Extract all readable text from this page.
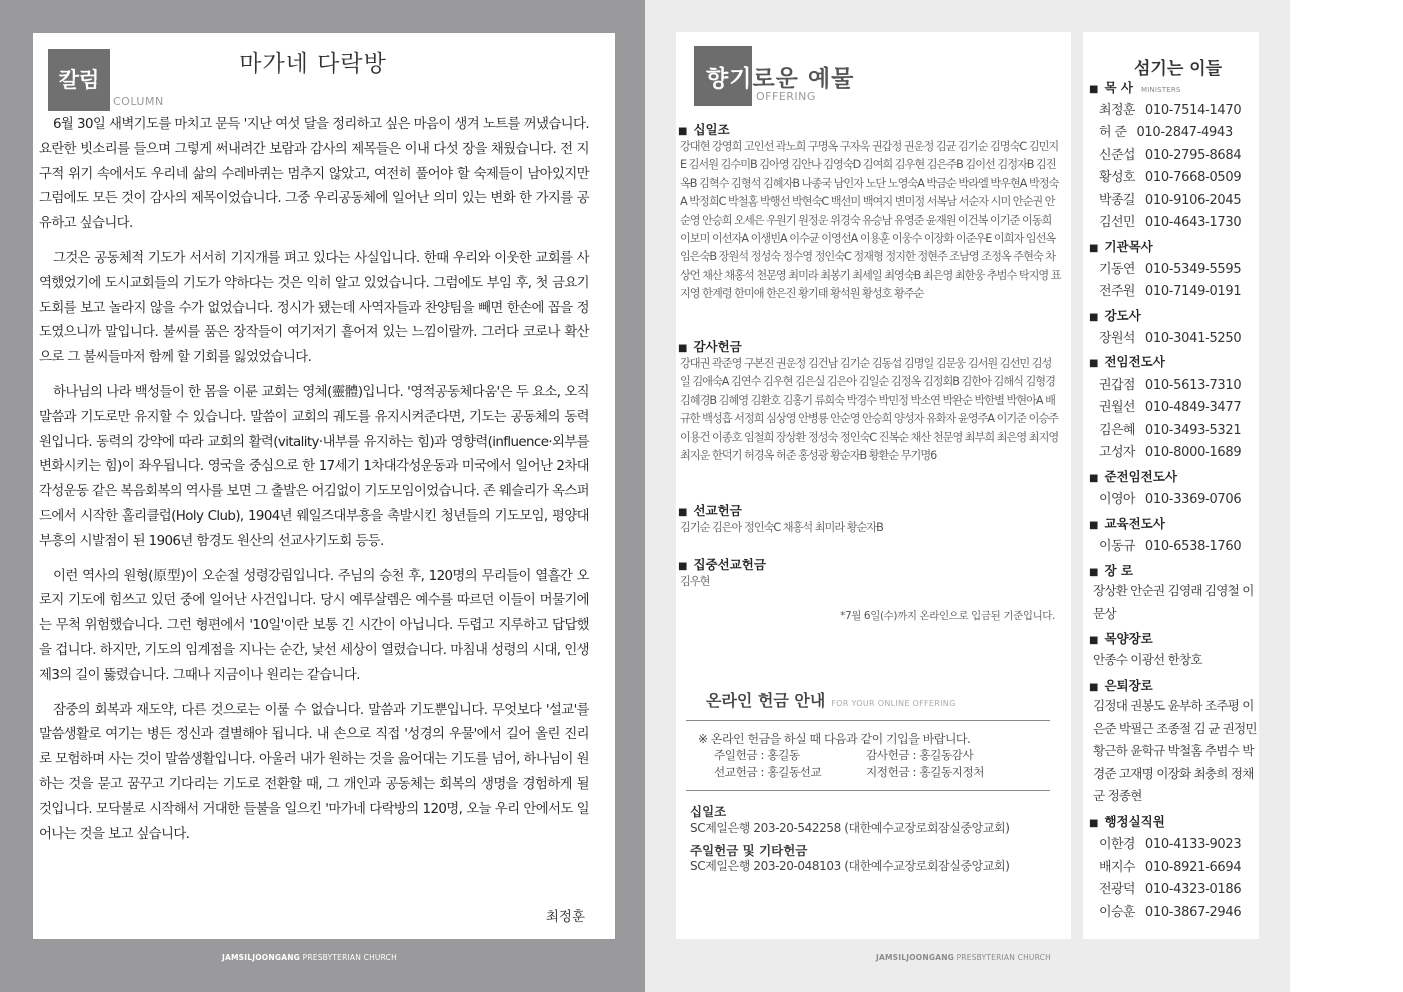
칼럼
COLUMN
마가네 다락방

6월 30일 새벽기도를 마치고 문득 '지난 여섯 달을 정리하고 싶은 마음이 생겨 노트를 꺼냈습니다. 요란한 빗소리를 들으며 그렇게 써내려간 보람과 감사의 제목들은 이내 다섯 장을 채웠습니다. 전 지구적 위기 속에서도 우리네 삶의 수레바퀴는 멈추지 않았고, 여전히 풀어야 할 숙제들이 남아있지만 그럼에도 모든 것이 감사의 제목이었습니다. 그중 우리공동체에 일어난 의미 있는 변화 한 가지를 공유하고 싶습니다.

그것은 공동체적 기도가 서서히 기지개를 펴고 있다는 사실입니다. 한때 우리와 이웃한 교회를 사역했었기에 도시교회들의 기도가 약하다는 것은 익히 알고 있었습니다. 그럼에도 부임 후, 첫 금요기도회를 보고 놀라지 않을 수가 없었습니다. 정시가 됐는데 사역자들과 찬양팀을 빼면 한손에 꼽을 정도였으니까 말입니다. 불씨를 품은 장작들이 여기저기 흩어져 있는 느낌이랄까. 그러다 코로나 확산으로 그 불씨들마저 함께 할 기회를 잃었었습니다.

하나님의 나라 백성들이 한 몸을 이룬 교회는 영체(靈體)입니다. '영적공동체다움'은 두 요소, 오직 말씀과 기도로만 유지할 수 있습니다. 말씀이 교회의 궤도를 유지시켜준다면, 기도는 공동체의 동력원입니다. 동력의 강약에 따라 교회의 활력(vitality·내부를 유지하는 힘)과 영향력(influence·외부를 변화시키는 힘)이 좌우됩니다. 영국을 중심으로 한 17세기 1차대각성운동과 미국에서 일어난 2차대각성운동 같은 복음회복의 역사를 보면 그 출발은 어김없이 기도모임이었습니다. 존 웨슬리가 옥스퍼드에서 시작한 홀리클럽(Holy Club), 1904년 웨일즈대부흥을 촉발시킨 청년들의 기도모임, 평양대부흥의 시발점이 된 1906년 함경도 원산의 선교사기도회 등등.

이런 역사의 원형(原型)이 오순절 성령강림입니다. 주님의 승천 후, 120명의 무리들이 열흘간 오로지 기도에 힘쓰고 있던 중에 일어난 사건입니다. 당시 예루살렘은 예수를 따르던 이들이 머물기에는 무척 위험했습니다. 그런 형편에서 '10일'이란 보통 긴 시간이 아닙니다. 두렵고 지루하고 답답했을 겁니다. 하지만, 기도의 임계점을 지나는 순간, 낯선 세상이 열렸습니다. 마침내 성령의 시대, 인생 제3의 길이 뚫렸습니다. 그때나 지금이나 원리는 같습니다.

잠중의 회복과 재도약, 다른 것으로는 이룰 수 없습니다. 말씀과 기도뿐입니다. 무엇보다 '설교'를 말씀생활로 여기는 병든 정신과 결별해야 됩니다. 내 손으로 직접 '성경의 우물'에서 길어 올린 진리로 모험하며 사는 것이 말씀생활입니다. 아울러 내가 원하는 것을 읊어대는 기도를 넘어, 하나님이 원하는 것을 묻고 꿈꾸고 기다리는 기도로 전환할 때, 그 개인과 공동체는 회복의 생명을 경험하게 될 것입니다. 모닥불로 시작해서 거대한 들불을 일으킨 '마가네 다락방의 120명, 오늘 우리 안에서도 일어나는 것을 보고 싶습니다.

최정훈
JAMSILJOONGANG PRESBYTERIAN CHURCH
향기로운 예물
OFFERING
■ 십일조
강대현 강영희 고인선 곽노희 구명옥 구자욱 권갑정 권운정 김균 김기순 김명숙C 김민지E 김서원 김수미B 김아영 김안나 김영숙D 김여희 김우현 김은주B 김이선 김정자B 김진옥B 김혁수 김형석 김혜자B 나종국 남인자 노단 노영숙A 박금순 박라엘 박우현A 박정숙A 박정희C 박철홈 박행선 박현숙C 백선미 백여지 변미정 서복남 서순자 시미 안순권 안순영 안승희 오세은 우원기 원정운 위경숙 유승남 유영준 윤재원 이건복 이기준 이동희 이보미 이선자A 이생빈A 이수균 이영선A 이용훈 이웅수 이장화 이준우E 이희자 임선옥 임은숙B 장원석 정성숙 정수영 정인숙C 정재형 정지한 정현주 조남영 조정옥 주현숙 차상언 채산 채홍석 천문영 최미라 최봉기 최세일 최영숙B 최은영 최한웅 추범수 탁지영 표지영 한계령 한미애 한은진 황기태 황석원 황성호 황주순
■ 감사헌금
강대권 곽준영 구본진 권운정 김건남 김기순 김동섭 김명일 김문웅 김서원 김선민 김성일 김애숙A 김연수 김우현 김은실 김은아 김일순 김정옥 김정회B 김한아 김해식 김형경 김혜경B 김혜영 김환호 김홍기 류희숙 박경수 박민정 박소연 박완순 박한별 박현아A 배규한 백성흡 서정희 심상영 안병룡 안순영 안승희 양성자 유화자 윤영주A 이기준 이승주 이용건 이종호 임철희 장상환 정성숙 정인숙C 진복순 채산 천문영 최부희 최은영 최지영 최지운 한덕기 허경옥 허준 홍성광 황순자B 황환순 무기명6
■ 선교헌금
김기순 김은아 정인숙C 채홍석 최미라 황순자B
■ 집중선교헌금
김우현
*7월 6일(수)까지 온라인으로 입금된 기준입니다.
온라인 헌금 안내 FOR YOUR ONLINE OFFERING
※ 온라인 헌금을 하실 때 다음과 같이 기입을 바랍니다.
주일헌금 : 홍길동	감사헌금 : 홍길동감사
선교헌금 : 홍길동선교	지정헌금 : 홍길동지정처
십일조
SC제일은행 203-20-542258 (대한예수교장로회잠실중앙교회)
주일헌금 및 기타헌금
SC제일은행 203-20-048103 (대한예수교장로회잠실중앙교회)
섬기는 이들
■ 목 사 MINISTERS
최정훈 010-7514-1470
허 준 010-2847-4943
신준섭 010-2795-8684
황성호 010-7668-0509
박종길 010-9106-2045
김선민 010-4643-1730
■ 기관목사
기동연 010-5349-5595
전주원 010-7149-0191
■ 강도사
장원석 010-3041-5250
■ 전임전도사
권갑점 010-5613-7310
권월선 010-4849-3477
김은혜 010-3493-5321
고성자 010-8000-1689
■ 준전임전도사
이영아 010-3369-0706
■ 교육전도사
이동규 010-6538-1760
■ 장 로
장상환 안순권 김영래 김영철 이문상
■ 목양장로
안종수 이광선 한창호
■ 은퇴장로
김정대 권봉도 윤부하 조주평 이은준 박필근 조종절 김 균 권정민 황근하 윤학규 박철홈 추범수 박경준 고재명 이장화 최충희 정채군 정종현
■ 행정실직원
이한경 010-4133-9023
배지수 010-8921-6694
전광덕 010-4323-0186
이승훈 010-3867-2946
JAMSILJOONGANG PRESBYTERIAN CHURCH
